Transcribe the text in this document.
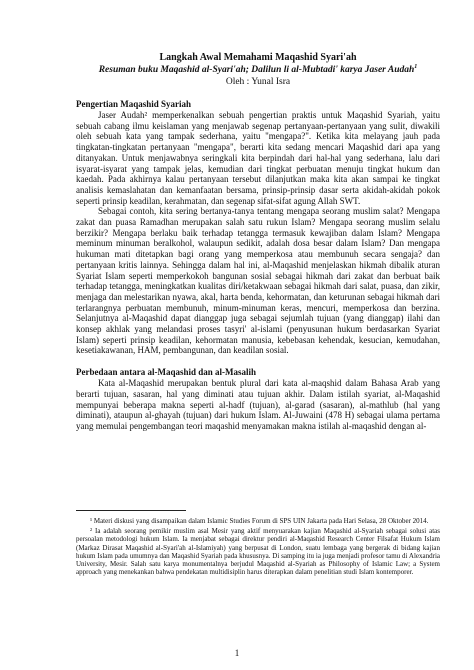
Langkah Awal Memahami Maqashid Syari'ah
Resuman buku Maqashid al-Syari'ah; Dalilun li al-Mubtadi' karya Jaser Audah$^1$
Oleh : Yunal Isra
Pengertian Maqashid Syariah

Jaser Audah² memperkenalkan sebuah pengertian praktis untuk Maqashid Syariah, yaitu sebuah cabang ilmu keislaman yang menjawab segenap pertanyaan-pertanyaan yang sulit, diwakili oleh sebuah kata yang tampak sederhana, yaitu "mengapa?". Ketika kita melayang jauh pada tingkatan-tingkatan pertanyaan "mengapa", berarti kita sedang mencari Maqashid dari apa yang ditanyakan. Untuk menjawabnya seringkali kita berpindah dari hal-hal yang sederhana, lalu dari isyarat-isyarat yang tampak jelas, kemudian dari tingkat perbuatan menuju tingkat hukum dan kaedah. Pada akhirnya kalau pertanyaan tersebut dilanjutkan maka kita akan sampai ke tingkat analisis kemaslahatan dan kemanfaatan bersama, prinsip-prinsip dasar serta akidah-akidah pokok seperti prinsip keadilan, kerahmatan, dan segenap sifat-sifat agung Allah SWT.

Sebagai contoh, kita sering bertanya-tanya tentang mengapa seorang muslim salat? Mengapa zakat dan puasa Ramadhan merupakan salah satu rukun Islam? Mengapa seorang muslim selalu berzikir? Mengapa berlaku baik terhadap tetangga termasuk kewajiban dalam Islam? Mengapa meminum minuman beralkohol, walaupun sedikit, adalah dosa besar dalam Islam? Dan mengapa hukuman mati ditetapkan bagi orang yang memperkosa atau membunuh secara sengaja? dan pertanyaan kritis lainnya. Sehingga dalam hal ini, al-Maqashid menjelaskan hikmah dibalik aturan Syariat Islam seperti memperkokoh bangunan sosial sebagai hikmah dari zakat dan berbuat baik terhadap tetangga, meningkatkan kualitas diri/ketakwaan sebagai hikmah dari salat, puasa, dan zikir, menjaga dan melestarikan nyawa, akal, harta benda, kehormatan, dan keturunan sebagai hikmah dari terlarangnya perbuatan membunuh, minum-minuman keras, mencuri, memperkosa dan berzina. Selanjutnya al-Maqashid dapat dianggap juga sebagai sejumlah tujuan (yang dianggap) ilahi dan konsep akhlak yang melandasi proses tasyri' al-islami (penyusunan hukum berdasarkan Syariat Islam) seperti prinsip keadilan, kehormatan manusia, kebebasan kehendak, kesucian, kemudahan, kesetiakawanan, HAM, pembangunan, dan keadilan sosial.

Perbedaan antara al-Maqashid dan al-Masalih

Kata al-Maqashid merupakan bentuk plural dari kata al-maqshid dalam Bahasa Arab yang berarti tujuan, sasaran, hal yang diminati atau tujuan akhir. Dalam istilah syariat, al-Maqashid mempunyai beberapa makna seperti al-hadf (tujuan), al-garad (sasaran), al-mathlub (hal yang diminati), ataupun al-ghayah (tujuan) dari hukum Islam. Al-Juwaini (478 H) sebagai ulama pertama yang memulai pengembangan teori maqashid menyamakan makna istilah al-maqashid dengan al-

¹ Materi diskusi yang disampaikan dalam Islamic Studies Forum di SPS UIN Jakarta pada Hari Selasa, 28 Oktober 2014.

² Ia adalah seorang pemikir muslim asal Mesir yang aktif menyuarakan kajian Maqashid al-Syariah sebagai solusi atas persoalan metodologi hukum Islam. Ia menjabat sebagai direktur pendiri al-Maqashid Research Center Filsafat Hukum Islam (Markaz Dirasat Maqashid al-Syari'ah al-Islamiyah) yang berpusat di London, suatu lembaga yang bergerak di bidang kajian hukum Islam pada umumnya dan Maqashid Syariah pada khususnya. Di samping itu ia juga menjadi profesor tamu di Alexandria University, Mesir. Salah satu karya monumentalnya berjudul Maqashid al-Syariah as Philosophy of Islamic Law; a System approach yang menekankan bahwa pendekatan multidisiplin harus diterapkan dalam penelitian studi Islam kontemporer.

1
